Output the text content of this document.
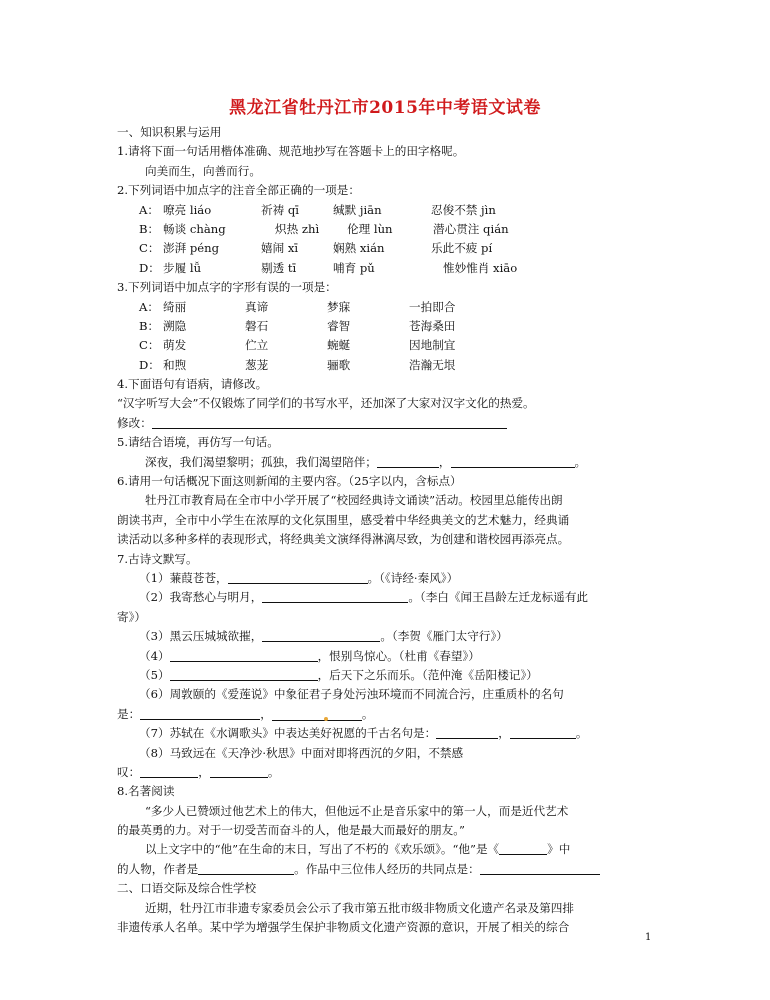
黑龙江省牡丹江市2015年中考语文试卷
一、知识积累与运用
1.请将下面一句话用楷体准确、规范地抄写在答题卡上的田字格呢。
向美而生，向善而行。
2.下列词语中加点字的注音全部正确的一项是：
A： 嘹亮 liáo	祈祷 qī	缄默 jiān	忍俊不禁 jìn
B： 畅谈 chàng	炽热 zhì	伦理 lùn	潜心贯注 qián
C： 澎湃 péng	嬉闹 xī	娴熟 xián	乐此不疲 pí
D： 步履 lǚ	剔透 tī	哺育 pǔ	惟妙惟肖 xiāo
3.下列词语中加点字的字形有误的一项是：
A： 绮丽	真谛	梦寐	一拍即合
B： 溯隐	磐石	睿智	苍海桑田
C： 萌发	伫立	蜿蜒	因地制宜
D： 和煦	葱茏	骊歌	浩瀚无垠
4.下面语句有语病，请修改。
“汉字听写大会”不仅锻炼了同学们的书写水平，还加深了大家对汉字文化的热爱。
修改：
5.请结合语境，再仿写一句话。
深夜，我们渴望黎明；孤独，我们渴望陪伴；	，	。
6.请用一句话概况下面这则新闻的主要内容。（25字以内，含标点）
牡丹江市教育局在全市中小学开展了“校园经典诗文诵读”活动。校园里总能传出朗
朗读书声，全市中小学生在浓厚的文化氛围里，感受着中华经典美文的艺术魅力，经典诵
读活动以多种多样的表现形式，将经典美文演绎得淋漓尽致，为创建和谐校园再添亮点。
7.古诗文默写。
（1）蒹葭苍苍，	。（《诗经·秦风》）
（2）我寄愁心与明月，	。（李白《闻王昌龄左迁龙标遥有此
寄》）
（3）黑云压城城欲摧，	。（李贺《雁门太守行》）
（4）	，恨别鸟惊心。（杜甫《春望》）
（5）	，后天下之乐而乐。（范仲淹《岳阳楼记》）
（6）周敦颐的《爱莲说》中象征君子身处污浊环境而不同流合污，庄重质朴的名句
是：	，	。
（7）苏轼在《水调歌头》中表达美好祝愿的千古名句是：	，	。
（8）马致远在《天净沙·秋思》中面对即将西沉的夕阳，不禁感
叹：	，	。
8.名著阅读
“多少人已赞颂过他艺术上的伟大，但他远不止是音乐家中的第一人，而是近代艺术
的最英勇的力。对于一切受苦而奋斗的人，他是最大而最好的朋友。”
以上文字中的“他”在生命的末日，写出了不朽的《欢乐颂》。“他”是《	》中
的人物，作者是	。作品中三位伟人经历的共同点是：
二、口语交际及综合性学校
近期，牡丹江市非遗专家委员会公示了我市第五批市级非物质文化遗产名录及第四排
非遗传承人名单。某中学为增强学生保护非物质文化遗产资源的意识，开展了相关的综合
1
